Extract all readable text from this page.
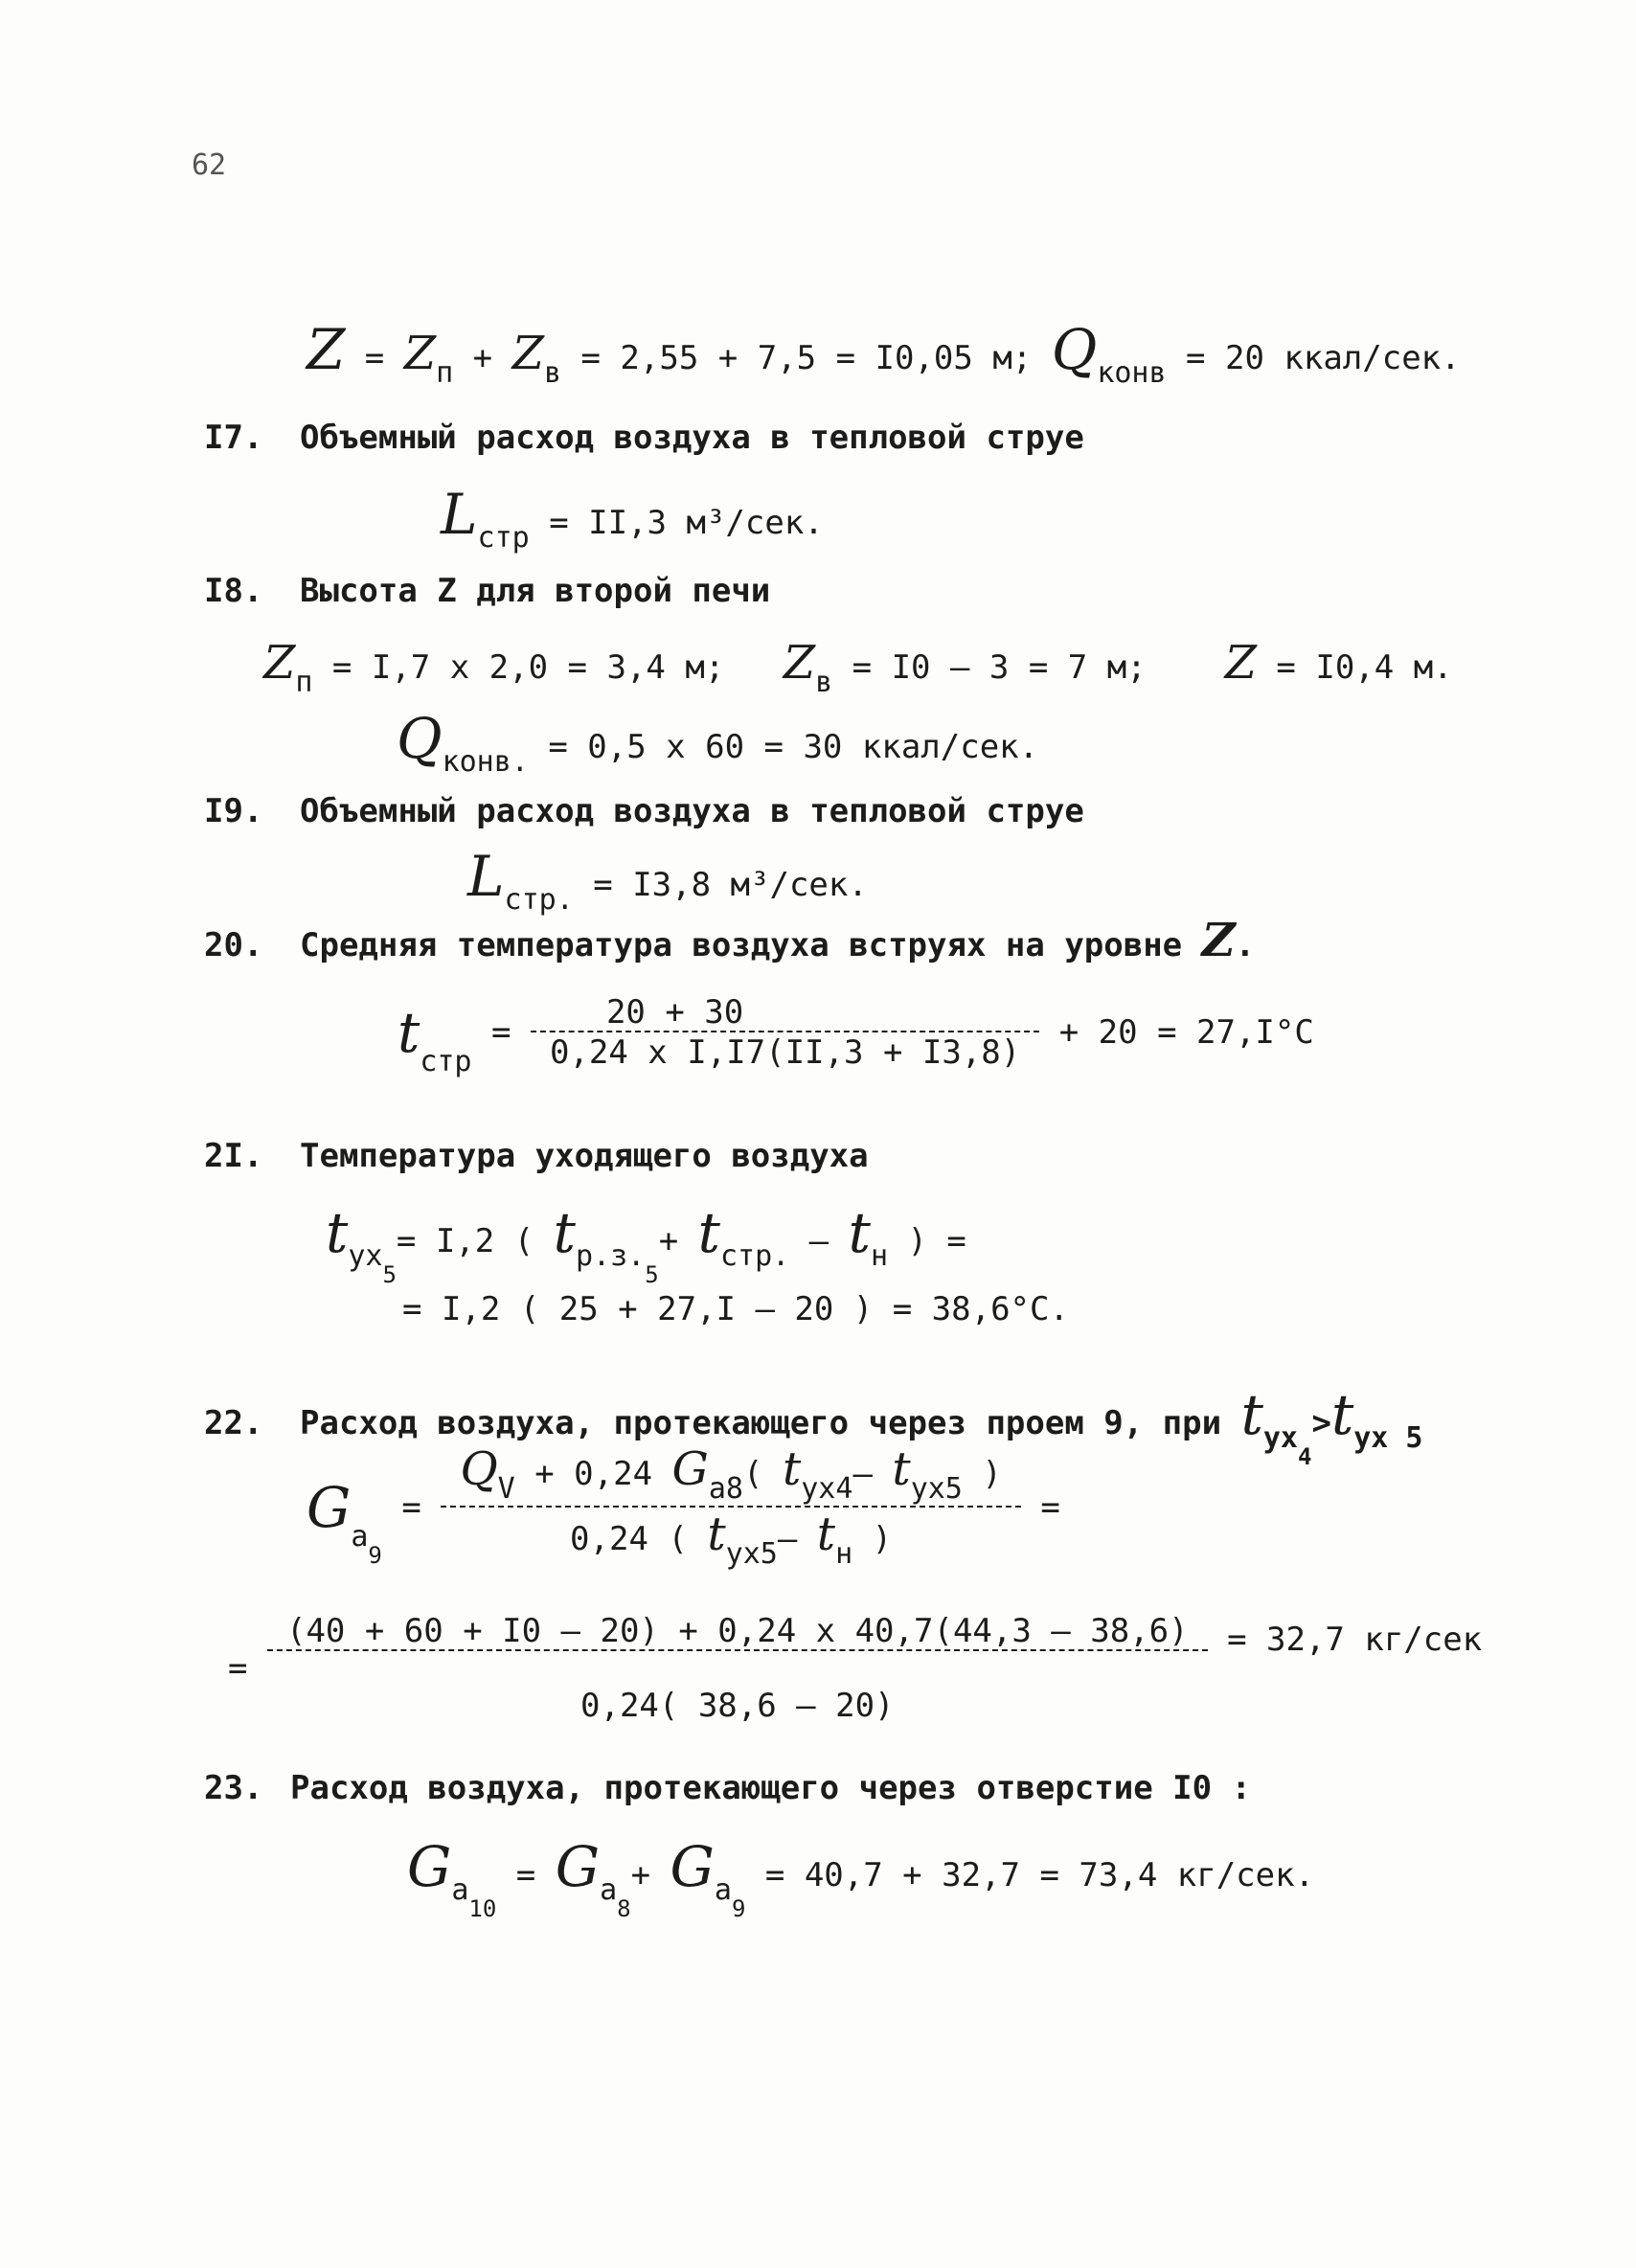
62
$Z = Z_п + Z_в = 2,55 + 7,5 = I0,05$ м; $Q_{конв} = 20$ ккал/сек.
I7. Объемный расход воздуха в тепловой струе
$L_{стр} = II,3$ м³/сек.
I8. Высота Z для второй печи
$Z_п = I,7$ x 2,0 = 3,4 м; $Z_в = I0 - 3 = 7$ м; Z = I0,4 м.
$Q_{конв.} = 0,5$ x 60 = 30 ккал/сек.
I9. Объемный расход воздуха в тепловой струе
$L_{стр.} = I3,8$ м³/сек.
20. Средняя температура воздуха вструях на уровне Z.
tстр = $\frac{20 + 30}{\text{0,24 x I,I7(II,3 + I3,8)}} + 20 = 27,I^\circ C$
2I. Температура уходящего воздуха
$t_{ух_5}= I,2$ ( $t_{р.з._5}+ t_{стр.} - t_н$ ) =
= I,2 ( 25 + 27,I – 20 ) = 38,6°C.
22. Расход воздуха, протекающего через проем 9, при $t_{ух_4}>t_{ух 5}$
$Ga_9 = \frac{Q_V + 0,24 G_{a8}( t_{ух4}- t_{ух5} )}{0,24 ( t_{ух5}- t_н )}$ =
= $\frac{(40 + 60 + I0 - 20) + 0,24 x 40,7(44,3 - 38,6)}{0,24( 38,6 - 20)} = 32,7$ кг/сек
23. Расход воздуха, протекающего через отверстие I0 :
$G_{a_{10}} = G_{a_8}+ G_{a_9} = 40,7 + 32,7 = 73,4$ кг/сек.
